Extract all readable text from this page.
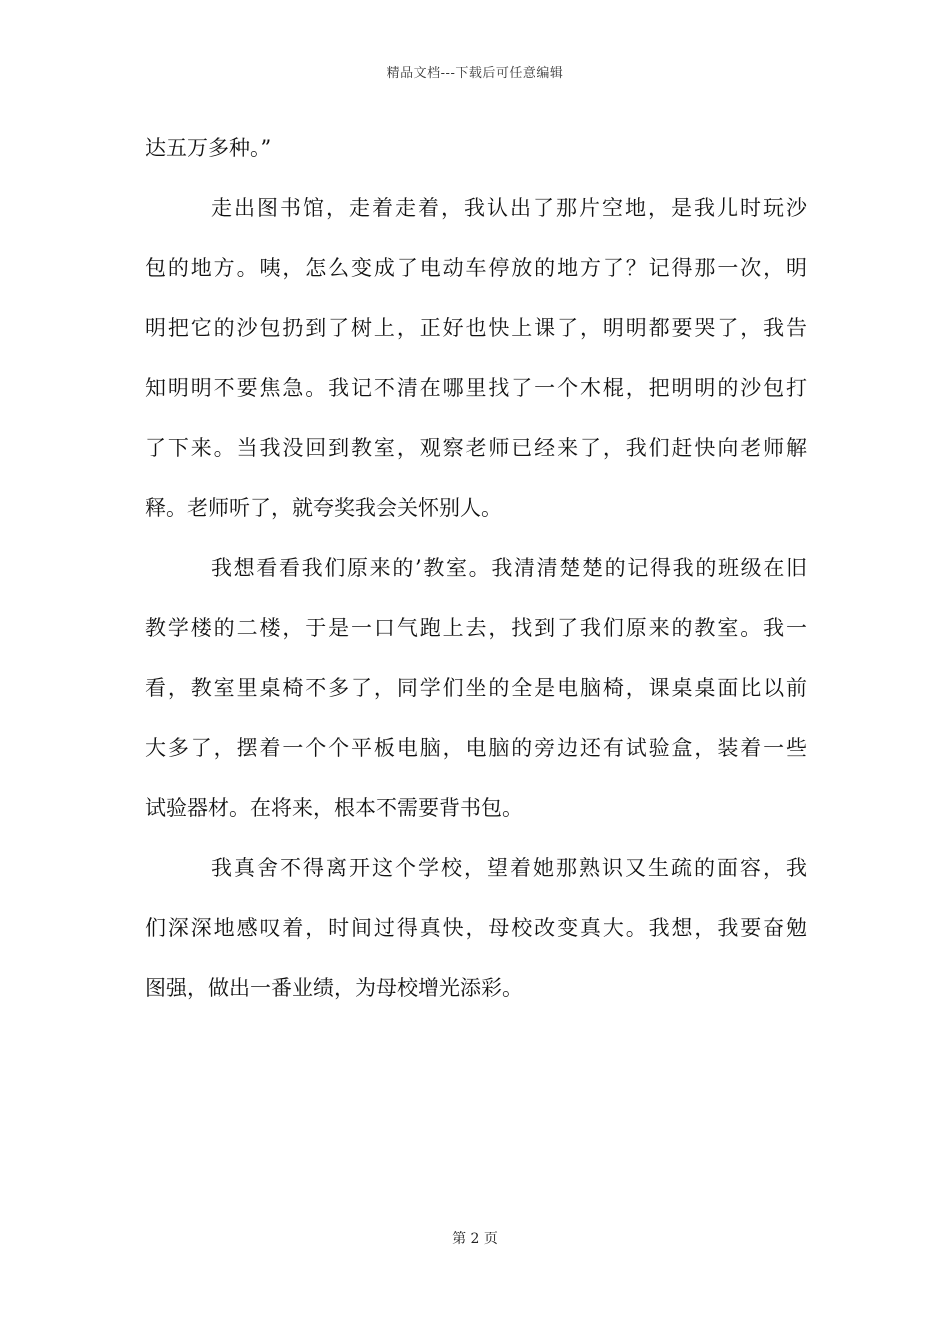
精品文档---下载后可任意编辑
达五万多种。”
走出图书馆，走着走着，我认出了那片空地，是我儿时玩沙
包的地方。咦，怎么变成了电动车停放的地方了？记得那一次，明
明把它的沙包扔到了树上，正好也快上课了，明明都要哭了，我告
知明明不要焦急。我记不清在哪里找了一个木棍，把明明的沙包打
了下来。当我没回到教室，观察老师已经来了，我们赶快向老师解
释。老师听了，就夸奖我会关怀别人。
我想看看我们原来的’教室。我清清楚楚的记得我的班级在旧
教学楼的二楼，于是一口气跑上去，找到了我们原来的教室。我一
看，教室里桌椅不多了，同学们坐的全是电脑椅，课桌桌面比以前
大多了，摆着一个个平板电脑，电脑的旁边还有试验盒，装着一些
试验器材。在将来，根本不需要背书包。
我真舍不得离开这个学校，望着她那熟识又生疏的面容，我
们深深地感叹着，时间过得真快，母校改变真大。我想，我要奋勉
图强，做出一番业绩，为母校增光添彩。
第 2 页
